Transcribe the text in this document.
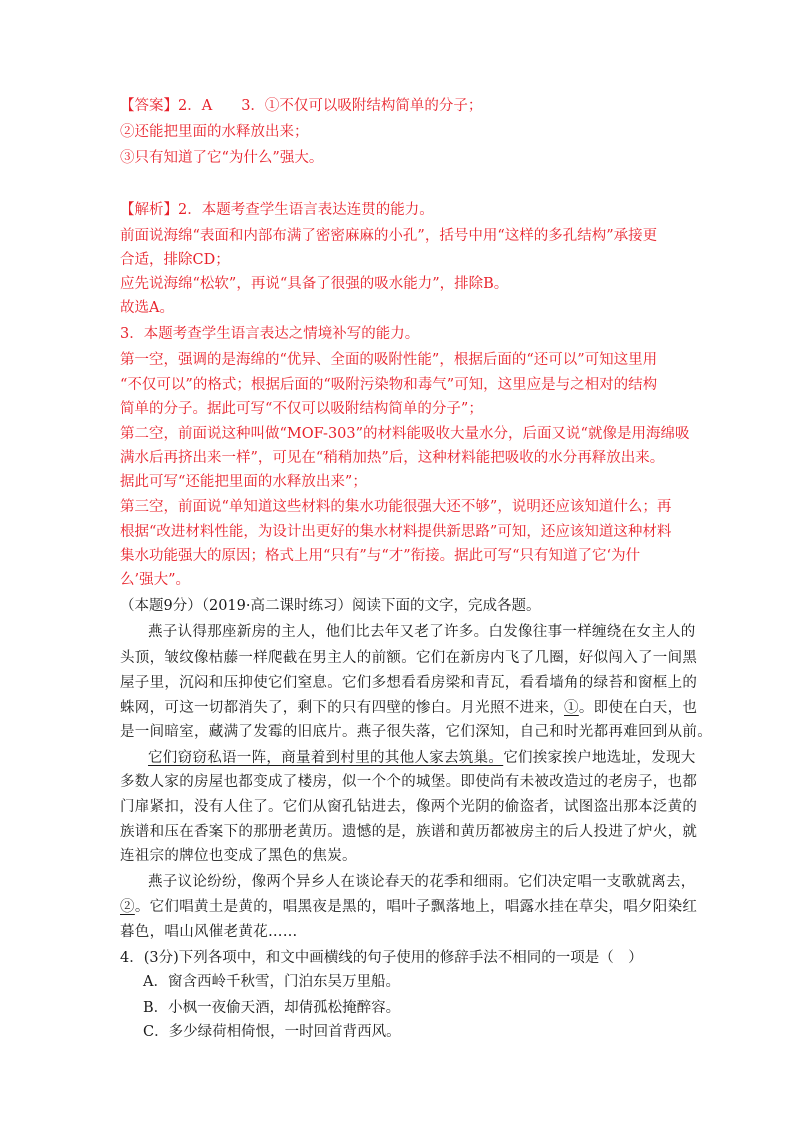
【答案】2．A　　3．①不仅可以吸附结构简单的分子；
②还能把里面的水释放出来；
③只有知道了它“为什么”强大。
【解析】2．本题考查学生语言表达连贯的能力。
前面说海绵“表面和内部布满了密密麻麻的小孔”，括号中用“这样的多孔结构”承接更
合适，排除CD；
应先说海绵“松软”，再说“具备了很强的吸水能力”，排除B。
故选A。
3．本题考查学生语言表达之情境补写的能力。
第一空，强调的是海绵的“优异、全面的吸附性能”，根据后面的“还可以”可知这里用
“不仅可以”的格式；根据后面的“吸附污染物和毒气”可知，这里应是与之相对的结构
简单的分子。据此可写“不仅可以吸附结构简单的分子”；
第二空，前面说这种叫做“MOF-303”的材料能吸收大量水分，后面又说“就像是用海绵吸
满水后再挤出来一样”，可见在“稍稍加热”后，这种材料能把吸收的水分再释放出来。
据此可写“还能把里面的水释放出来”；
第三空，前面说“单知道这些材料的集水功能很强大还不够”，说明还应该知道什么；再
根据“改进材料性能，为设计出更好的集水材料提供新思路”可知，还应该知道这种材料
集水功能强大的原因；格式上用“只有”与“才”衔接。据此可写“只有知道了它‘为什
么’强大”。
（本题9分）（2019·高二课时练习）阅读下面的文字，完成各题。
燕子认得那座新房的主人，他们比去年又老了许多。白发像往事一样缠绕在女主人的
头顶，皱纹像枯藤一样爬截在男主人的前额。它们在新房内飞了几圈，好似闯入了一间黑
屋子里，沉闷和压抑使它们窒息。它们多想看看房梁和青瓦，看看墙角的绿苔和窗框上的
蛛网，可这一切都消失了，剩下的只有四壁的惨白。月光照不进来，①。即使在白天，也
是一间暗室，藏满了发霉的旧底片。燕子很失落，它们深知，自己和时光都再难回到从前。
它们窃窃私语一阵，商量着到村里的其他人家去筑巢。它们挨家挨户地选址，发现大
多数人家的房屋也都变成了楼房，似一个个的城堡。即使尚有未被改造过的老房子，也都
门扉紧扣，没有人住了。它们从窗孔钻进去，像两个光阴的偷盗者，试图盗出那本泛黄的
族谱和压在香案下的那册老黄历。遗憾的是，族谱和黄历都被房主的后人投进了炉火，就
连祖宗的牌位也变成了黑色的焦炭。
燕子议论纷纷，像两个异乡人在谈论春天的花季和细雨。它们决定唱一支歌就离去，
②。它们唱黄土是黄的，唱黑夜是黑的，唱叶子飘落地上，唱露水挂在草尖，唱夕阳染红
暮色，唱山风催老黄花……
4．(3分)下列各项中，和文中画横线的句子使用的修辞手法不相同的一项是（　）
A．窗含西岭千秋雪，门泊东吴万里船。
B．小枫一夜偷天酒，却倩孤松掩醉容。
C．多少绿荷相倚恨，一时回首背西风。
